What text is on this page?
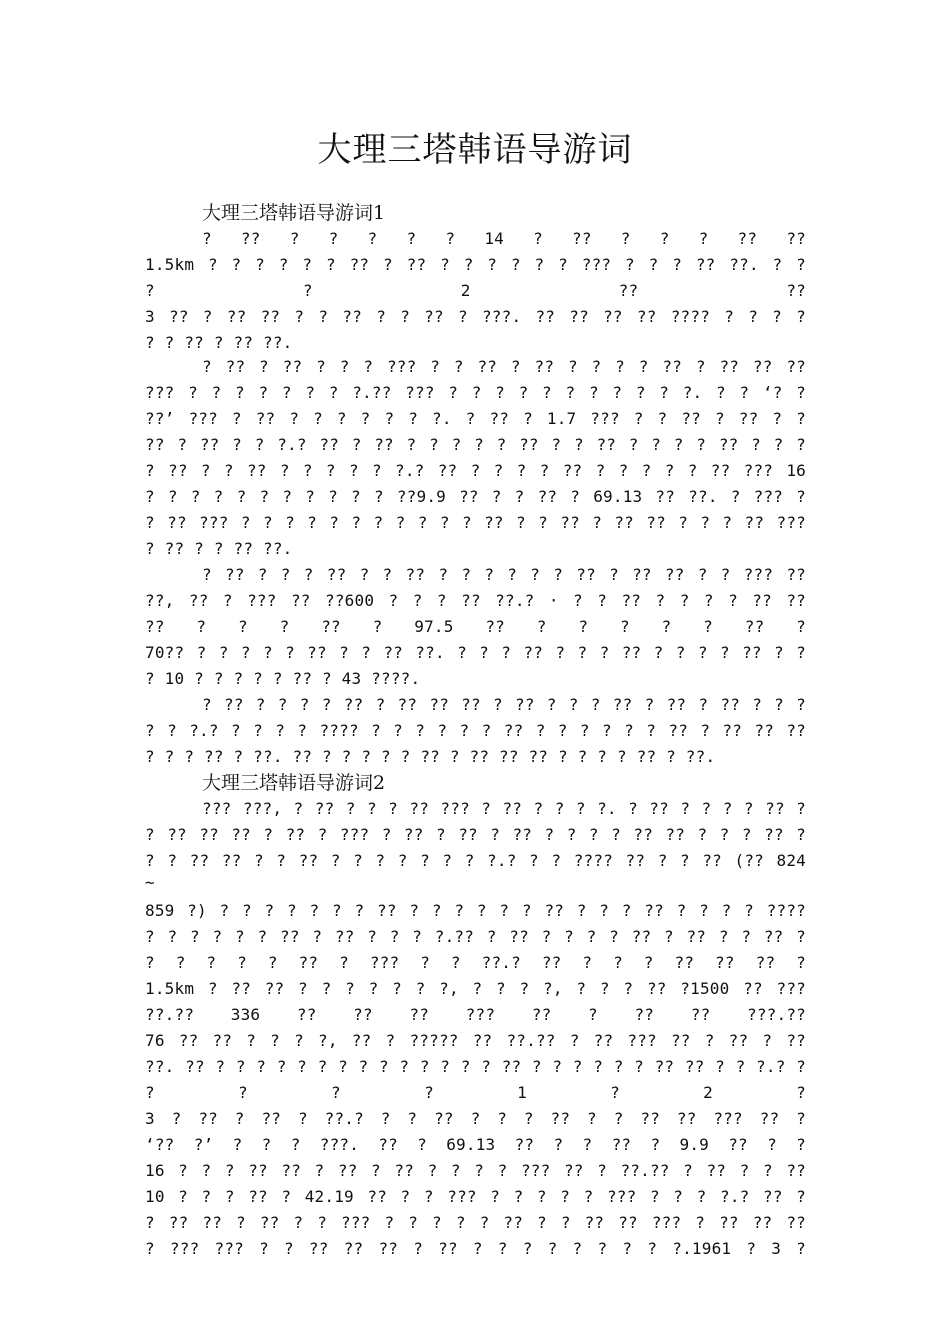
大理三塔韩语导游词
大理三塔韩语导游词1
? ?? ? ? ? ? ? 14 ? ?? ? ? ? ?? ??
1.5km ? ? ? ? ? ? ?? ? ?? ? ? ? ? ? ? ??? ? ? ? ?? ??. ? ?
? ? 2 ?? ??
3 ?? ? ?? ?? ? ? ?? ? ? ?? ? ???. ?? ?? ?? ?? ???? ? ? ? ?
? ? ?? ? ?? ??.
? ?? ? ?? ? ? ? ??? ? ? ?? ? ?? ? ? ? ? ?? ? ?? ?? ??
??? ? ? ? ? ? ? ? ?.?? ??? ? ? ? ? ? ? ? ? ? ? ?. ? ? ‘? ?
??’ ??? ? ?? ? ? ? ? ? ? ?. ? ?? ? 1.7 ??? ? ? ?? ? ?? ? ?
?? ? ?? ? ? ?.? ?? ? ?? ? ? ? ? ? ?? ? ? ?? ? ? ? ? ?? ? ? ?
? ?? ? ? ?? ? ? ? ? ? ?.? ?? ? ? ? ? ?? ? ? ? ? ? ?? ??? 16
? ? ? ? ? ? ? ? ? ? ? ??9.9 ?? ? ? ?? ? 69.13 ?? ??. ? ??? ?
? ?? ??? ? ? ? ? ? ? ? ? ? ? ? ?? ? ? ?? ? ?? ?? ? ? ? ?? ???
? ?? ? ? ?? ??.
? ?? ? ? ? ?? ? ? ?? ? ? ? ? ? ? ?? ? ?? ?? ? ? ??? ??
??, ?? ? ??? ?? ??600 ? ? ? ?? ??.? · ? ? ?? ? ? ? ? ?? ??
?? ? ? ? ?? ? 97.5 ?? ? ? ? ? ? ?? ?
70?? ? ? ? ? ? ?? ? ? ?? ??. ? ? ? ?? ? ? ? ?? ? ? ? ? ?? ? ?
? 10 ? ? ? ? ? ?? ? 43 ????.
? ?? ? ? ? ? ?? ? ?? ?? ?? ? ?? ? ? ? ?? ? ?? ? ?? ? ? ?
? ? ?.? ? ? ? ? ???? ? ? ? ? ? ? ?? ? ? ? ? ? ? ?? ? ?? ?? ??
? ? ? ?? ? ??. ?? ? ? ? ? ? ?? ? ?? ?? ?? ? ? ? ? ?? ? ??.
大理三塔韩语导游词2
??? ???, ? ?? ? ? ? ?? ??? ? ?? ? ? ? ?. ? ?? ? ? ? ? ?? ?
? ?? ?? ?? ? ?? ? ??? ? ?? ? ?? ? ?? ? ? ? ? ?? ?? ? ? ? ?? ?
? ? ?? ?? ? ? ?? ? ? ? ? ? ? ? ?.? ? ? ???? ?? ? ? ?? (?? 824
~
859 ?) ? ? ? ? ? ? ? ?? ? ? ? ? ? ? ?? ? ? ? ?? ? ? ? ? ????
? ? ? ? ? ? ?? ? ?? ? ? ? ?.?? ? ?? ? ? ? ? ?? ? ?? ? ? ?? ?
? ? ? ? ? ?? ? ??? ? ? ??.? ?? ? ? ? ?? ?? ?? ?
1.5km ? ?? ?? ? ? ? ? ? ? ?, ? ? ? ?, ? ? ? ?? ?1500 ?? ???
??.?? 336 ?? ?? ?? ??? ?? ? ?? ?? ???.??
76 ?? ?? ? ? ? ?, ?? ? ????? ?? ??.?? ? ?? ??? ?? ? ?? ? ??
??. ?? ? ? ? ? ? ? ? ? ? ? ? ? ? ? ?? ? ? ? ? ? ? ?? ?? ? ? ?.? ?
? ? ? ? 1 ? 2 ?
3 ? ?? ? ?? ? ??.? ? ? ?? ? ? ? ?? ? ? ?? ?? ??? ?? ?
‘?? ?’ ? ? ? ???. ?? ? 69.13 ?? ? ? ?? ? 9.9 ?? ? ?
16 ? ? ? ?? ?? ? ?? ? ?? ? ? ? ? ??? ?? ? ??.?? ? ?? ? ? ??
10 ? ? ? ?? ? 42.19 ?? ? ? ??? ? ? ? ? ? ??? ? ? ? ?.? ?? ?
? ?? ?? ? ?? ? ? ??? ? ? ? ? ? ?? ? ? ?? ?? ??? ? ?? ?? ??
? ??? ??? ? ? ?? ?? ?? ? ?? ? ? ? ? ? ? ? ? ?.1961 ? 3 ?
